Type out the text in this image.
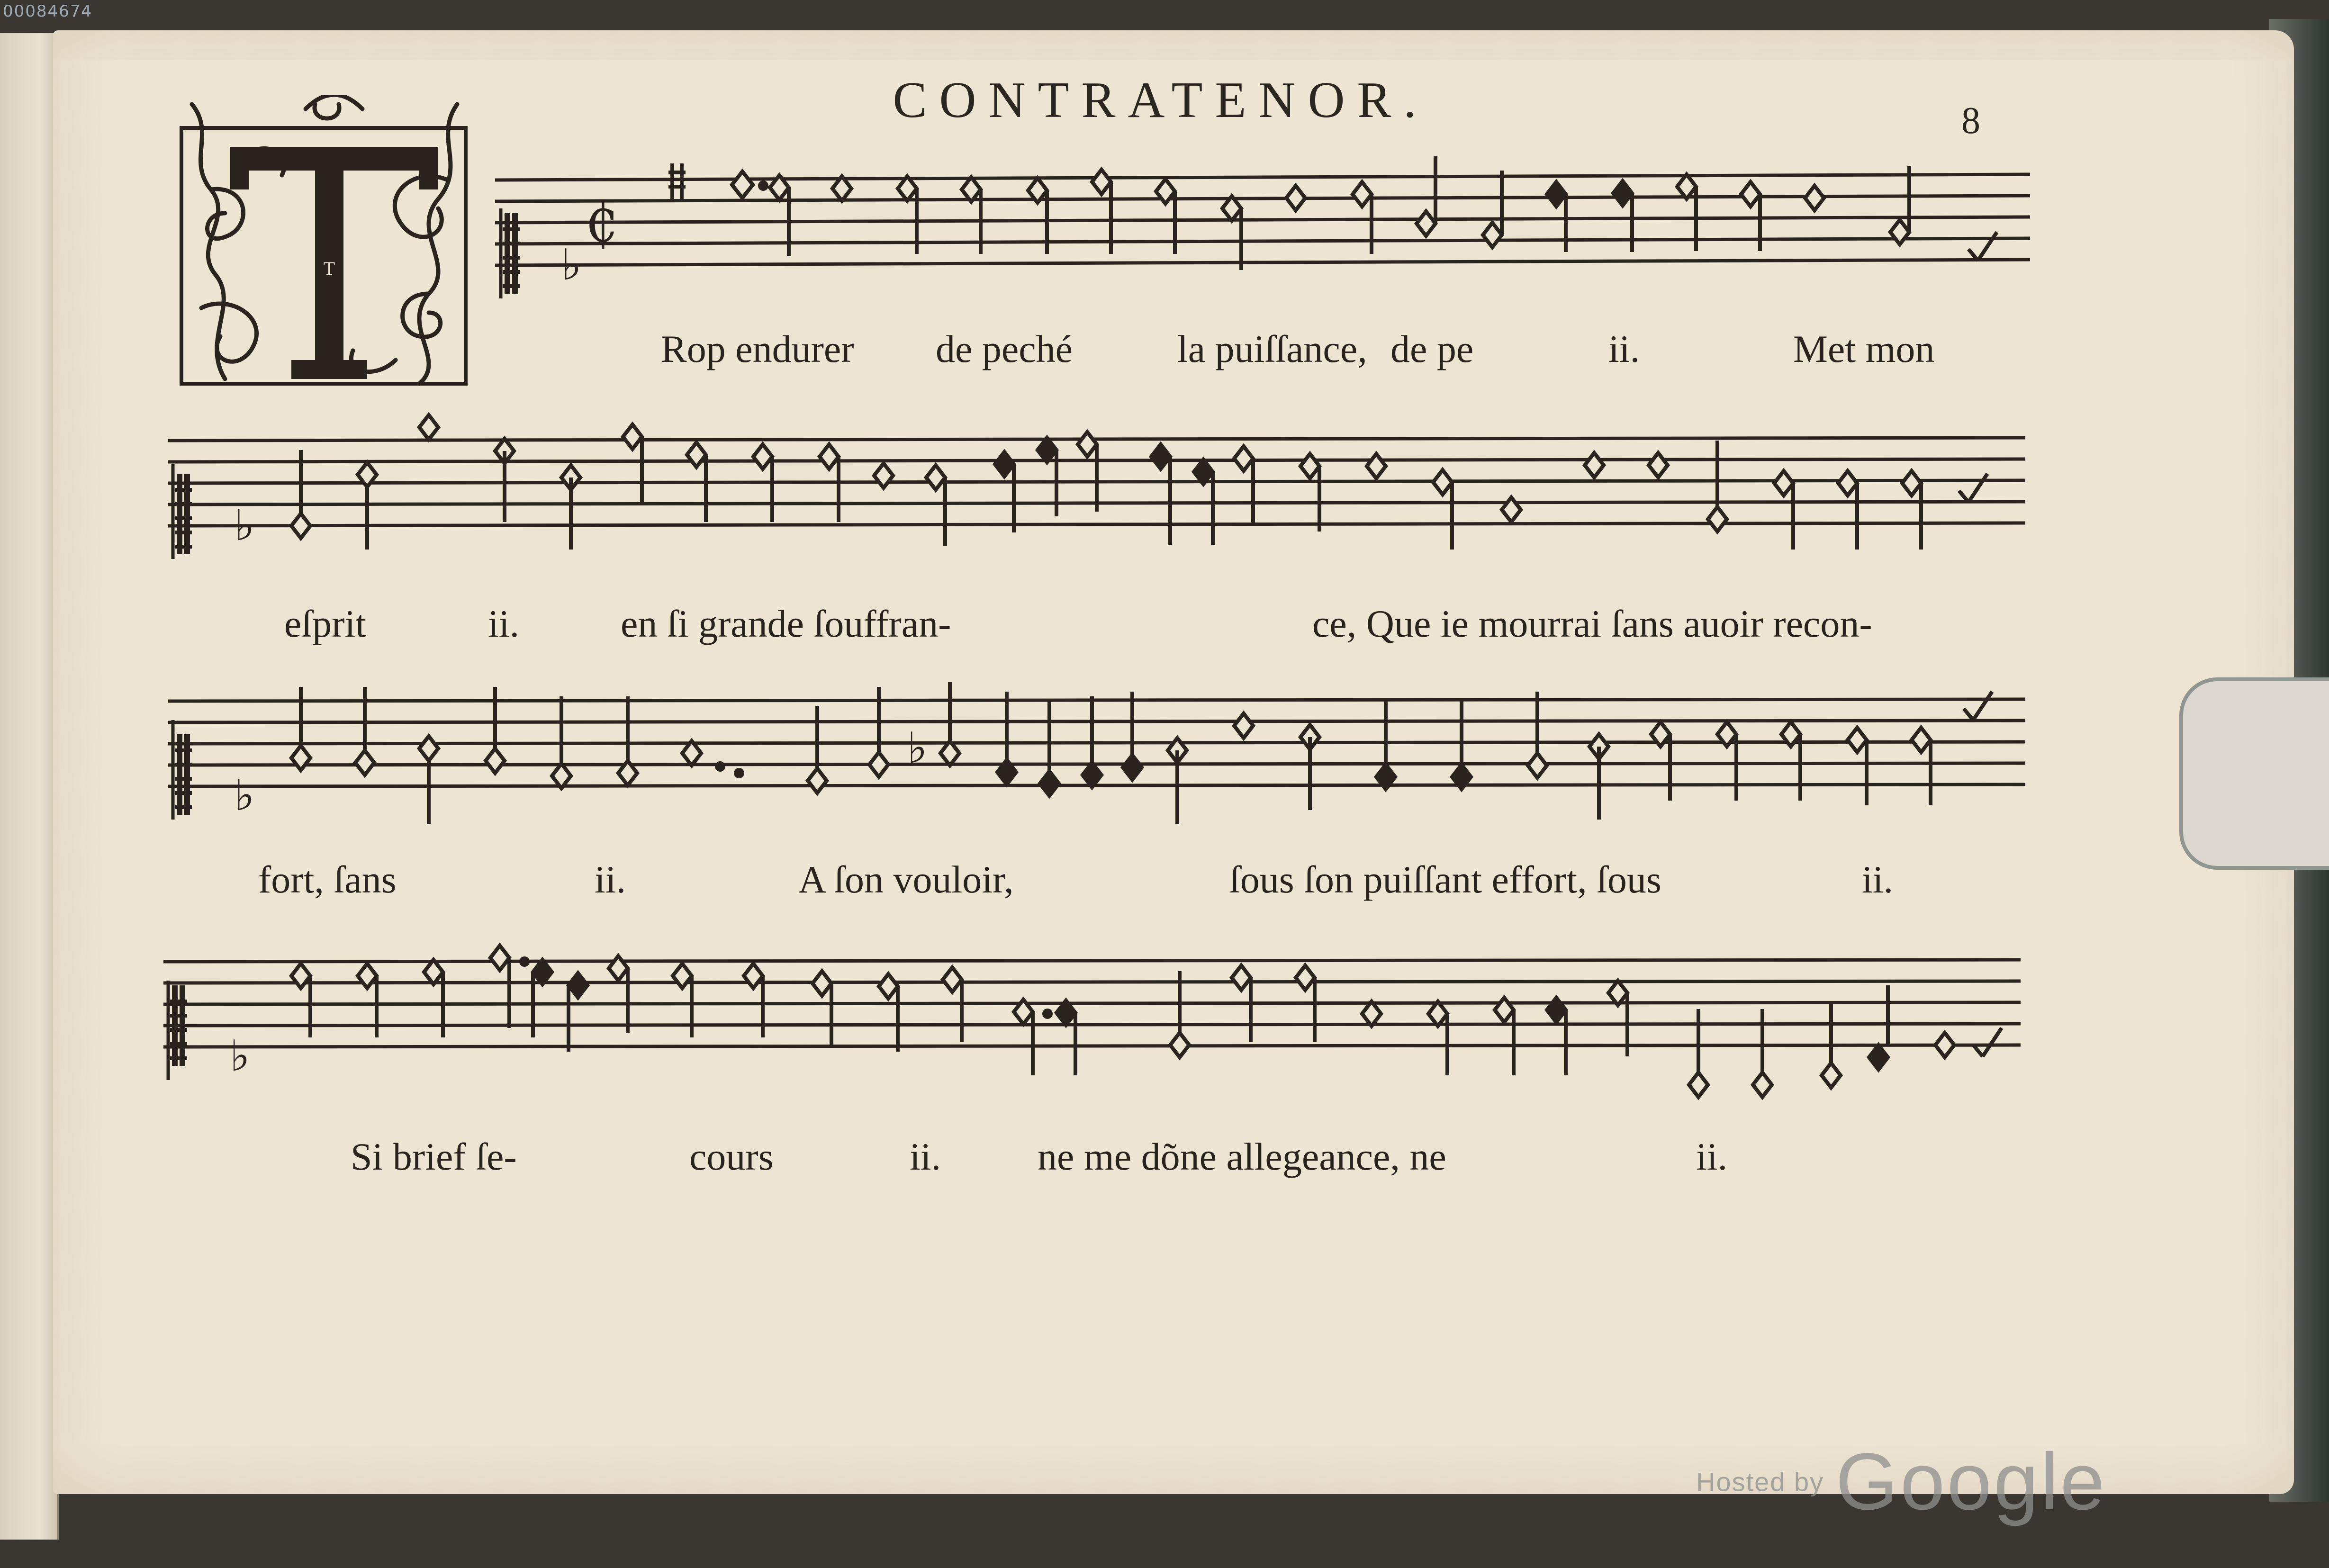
00084674
CONTRATENOR.	8
T	♭
₵
Rop endurer de peché	la puiſſance, de pe	ii.	Met mon
♭
eſprit	ii.	en ſi grande ſouffran-	ce, Que ie mourrai ſans auoir recon-
♭
♭
fort, ſans	ii.	A ſon vouloir,	ſous ſon puiſſant effort, ſous	ii.
♭
Si brief ſe-	cours	ii. ne me dõne allegeance, ne	ii.
Hosted by Google
